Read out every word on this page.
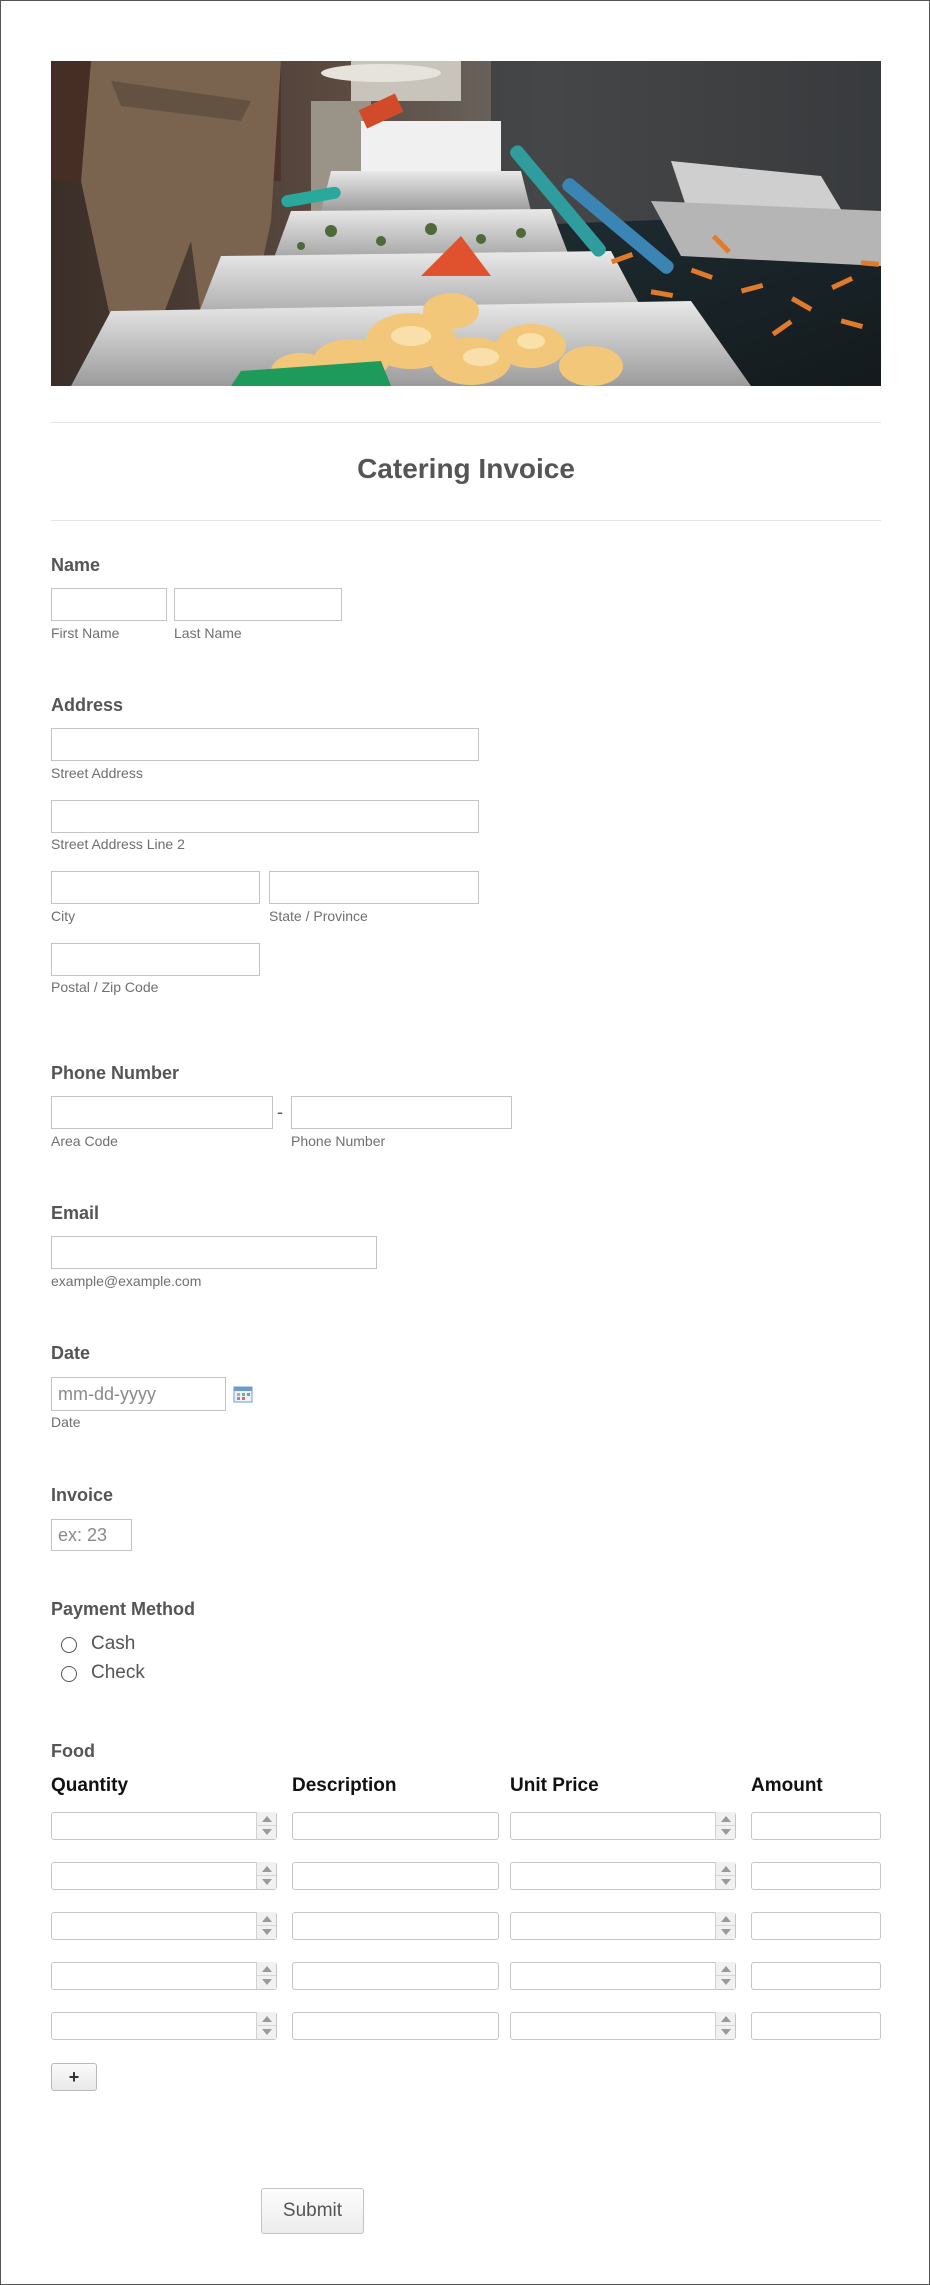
Catering Invoice
Name
First Name	Last Name
Address
Street Address
Street Address Line 2
City	State / Province
Postal / Zip Code
Phone Number
-
Area Code	Phone Number
Email
example@example.com
Date
mm-dd-yyyy
Date
Invoice
ex: 23
Payment Method
Cash
Check
Food
Quantity	Description	Unit Price	Amount
+
Submit
